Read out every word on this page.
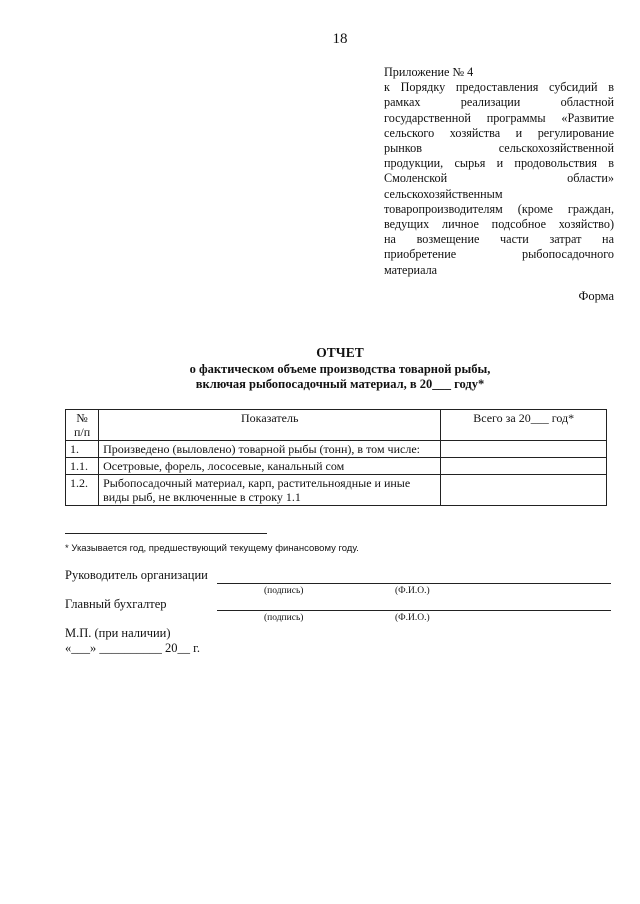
18
Приложение № 4
к Порядку предоставления субсидий в
рамках реализации областной
государственной программы «Развитие
сельского хозяйства и регулирование
рынков сельскохозяйственной
продукции, сырья и продовольствия в
Смоленской области»
сельскохозяйственным
товаропроизводителям (кроме граждан,
ведущих личное подсобное хозяйство)
на возмещение части затрат на
приобретение рыбопосадочного
материала
Форма
ОТЧЕТ
о фактическом объеме производства товарной рыбы,
включая рыбопосадочный материал, в 20___ году*
№ п/п	Показатель	Всего за 20___ год*
1.	Произведено (выловлено) товарной рыбы (тонн), в том числе:	
1.1.	Осетровые, форель, лососевые, канальный сом	
1.2.	Рыбопосадочный материал, карп, растительноядные и иные виды рыб, не включенные в строку 1.1	
* Указывается год, предшествующий текущему финансовому году.
Руководитель организации
(подпись)	(Ф.И.О.)
Главный бухгалтер
(подпись)	(Ф.И.О.)
М.П. (при наличии)
«___» __________ 20__ г.
